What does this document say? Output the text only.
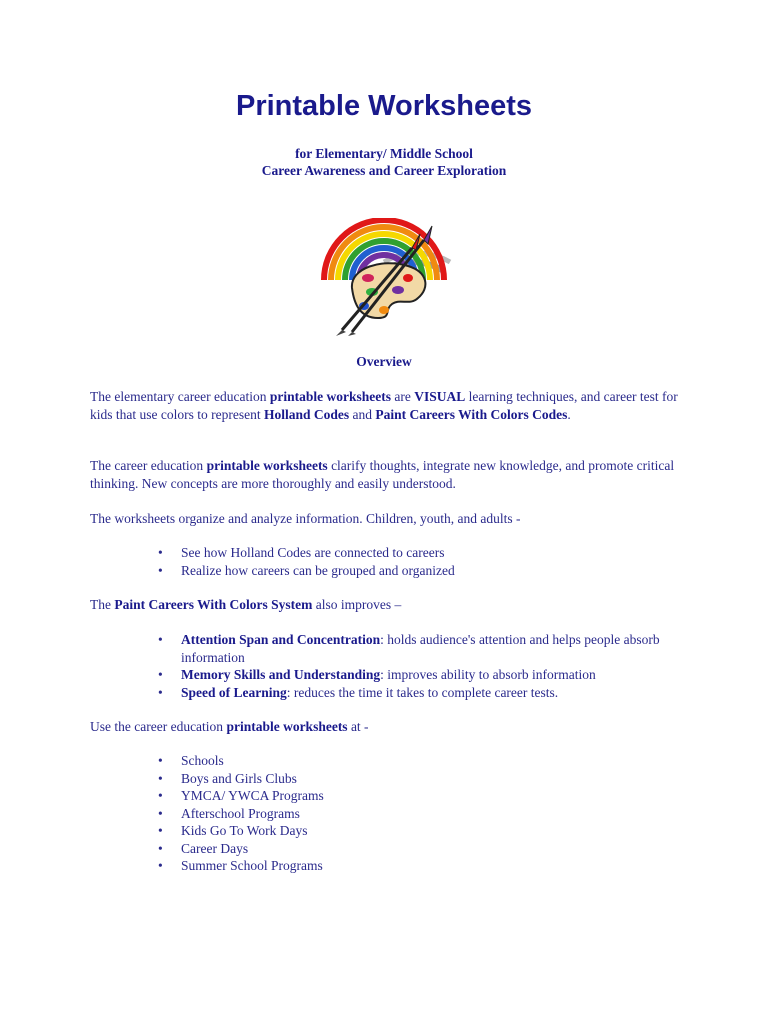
Printable Worksheets
for Elementary/ Middle School
Career Awareness and Career Exploration
Overview

The elementary career education printable worksheets are VISUAL learning techniques, and career test for kids that use colors to represent Holland Codes and Paint Careers With Colors Codes.

The career education printable worksheets clarify thoughts, integrate new knowledge, and promote critical thinking. New concepts are more thoroughly and easily understood.

The worksheets organize and analyze information. Children, youth, and adults -

• See how Holland Codes are connected to careers
• Realize how careers can be grouped and organized

The Paint Careers With Colors System also improves –

• Attention Span and Concentration: holds audience's attention and helps people absorb information
• Memory Skills and Understanding: improves ability to absorb information
• Speed of Learning: reduces the time it takes to complete career tests.

Use the career education printable worksheets at -

• Schools
• Boys and Girls Clubs
• YMCA/ YWCA Programs
• Afterschool Programs
• Kids Go To Work Days
• Career Days
• Summer School Programs
